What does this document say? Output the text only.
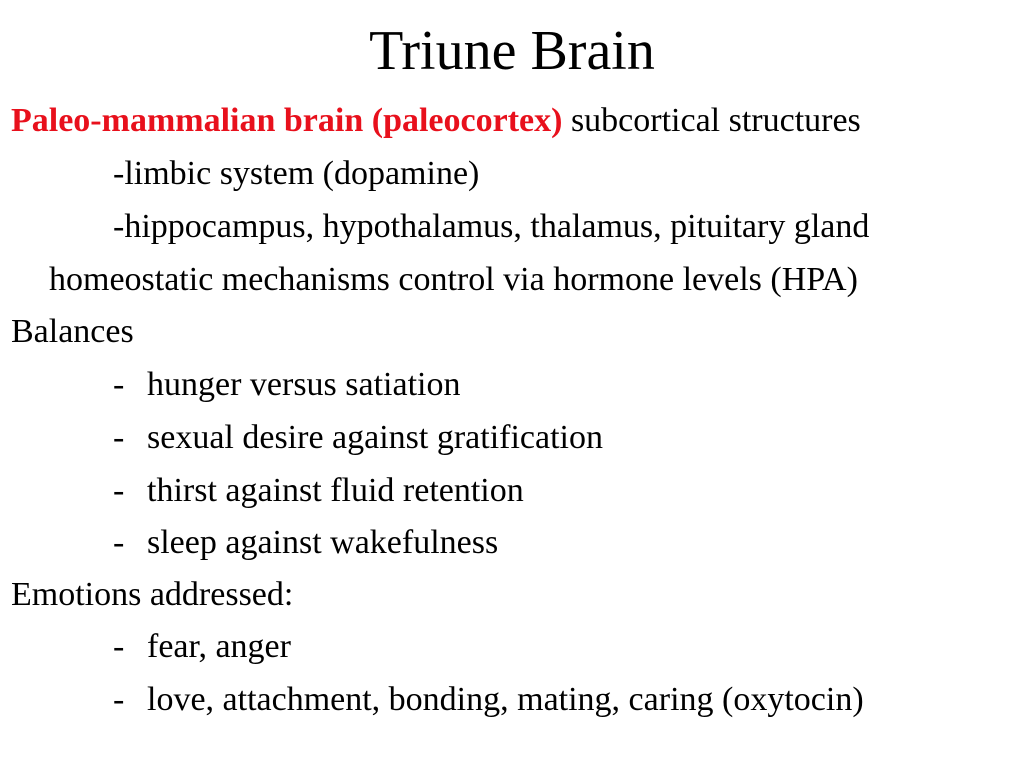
Triune Brain
Paleo-mammalian brain (paleocortex) subcortical structures
-limbic system (dopamine)
-hippocampus, hypothalamus, thalamus, pituitary gland
homeostatic mechanisms control via hormone levels (HPA)
Balances
- hunger versus satiation
- sexual desire against gratification
- thirst against fluid retention
- sleep against wakefulness
Emotions addressed:
- fear, anger
- love, attachment, bonding, mating, caring (oxytocin)
